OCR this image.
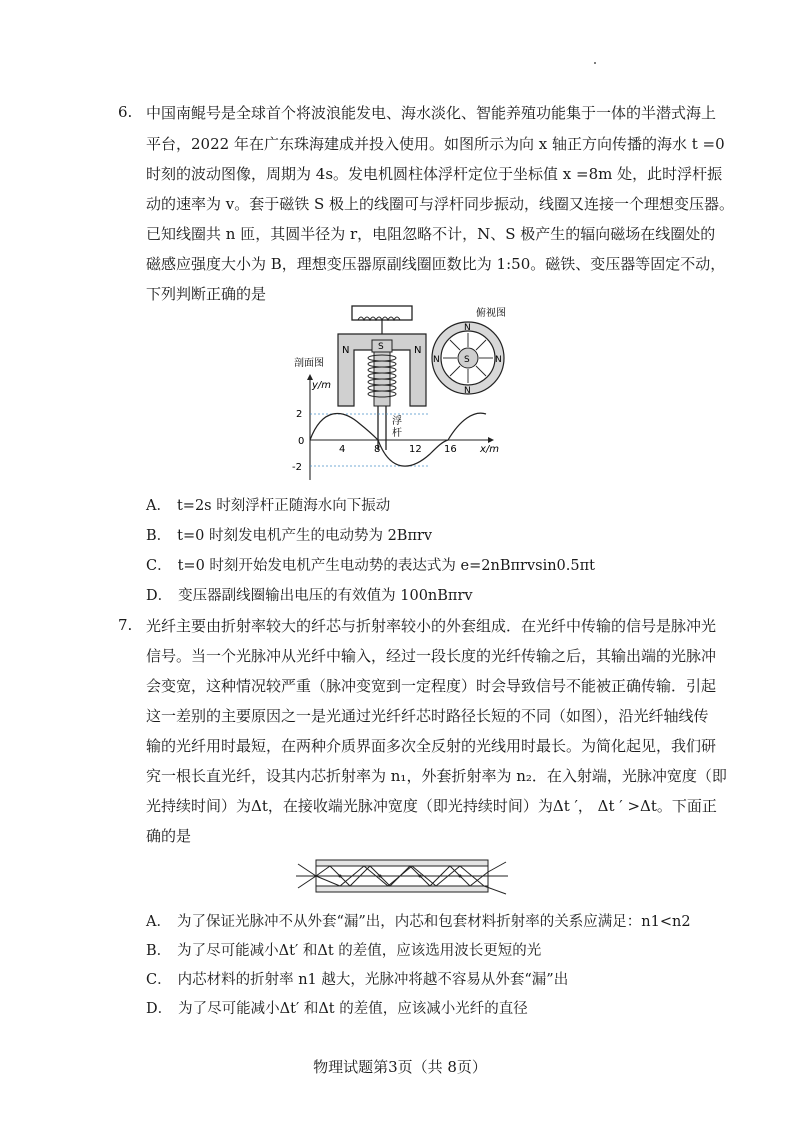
6. 中国南鲲号是全球首个将波浪能发电、海水淡化、智能养殖功能集于一体的半潜式海上
平台，2022 年在广东珠海建成并投入使用。如图所示为向 x 轴正方向传播的海水 t =0
时刻的波动图像，周期为 4s。发电机圆柱体浮杆定位于坐标值 x =8m 处，此时浮杆振
动的速率为 v。套于磁铁 S 极上的线圈可与浮杆同步振动，线圈又连接一个理想变压器。
已知线圈共 n 匝，其圆半径为 r，电阻忽略不计，N、S 极产生的辐向磁场在线圈处的
磁感应强度大小为 B，理想变压器原副线圈匝数比为 1:50。磁铁、变压器等固定不动，
下列判断正确的是
N	N
S
剖面图
浮
杆
俯视图
S
N
N
N	N
y/m
x/m
2
0
-2
4	8	12 16
A． t=2s 时刻浮杆正随海水向下振动
B． t=0 时刻发电机产生的电动势为 2Bπrv
C． t=0 时刻开始发电机产生电动势的表达式为 e=2nBπrvsin0.5πt
D． 变压器副线圈输出电压的有效值为 100nBπrv
7. 光纤主要由折射率较大的纤芯与折射率较小的外套组成．在光纤中传输的信号是脉冲光
信号。当一个光脉冲从光纤中输入，经过一段长度的光纤传输之后，其输出端的光脉冲
会变宽，这种情况较严重（脉冲变宽到一定程度）时会导致信号不能被正确传输．引起
这一差别的主要原因之一是光通过光纤纤芯时路径长短的不同（如图），沿光纤轴线传
输的光纤用时最短，在两种介质界面多次全反射的光线用时最长。为简化起见，我们研
究一根长直光纤，设其内芯折射率为 n₁，外套折射率为 n₂．在入射端，光脉冲宽度（即
光持续时间）为Δt，在接收端光脉冲宽度（即光持续时间）为Δt ′， Δt ′ >Δt。下面正
确的是
A． 为了保证光脉冲不从外套“漏”出，内芯和包套材料折射率的关系应满足：n1<n2
B． 为了尽可能减小Δt′ 和Δt 的差值，应该选用波长更短的光
C． 内芯材料的折射率 n1 越大，光脉冲将越不容易从外套“漏”出
D． 为了尽可能减小Δt′ 和Δt 的差值，应该减小光纤的直径
物理试题第3页（共 8页）
